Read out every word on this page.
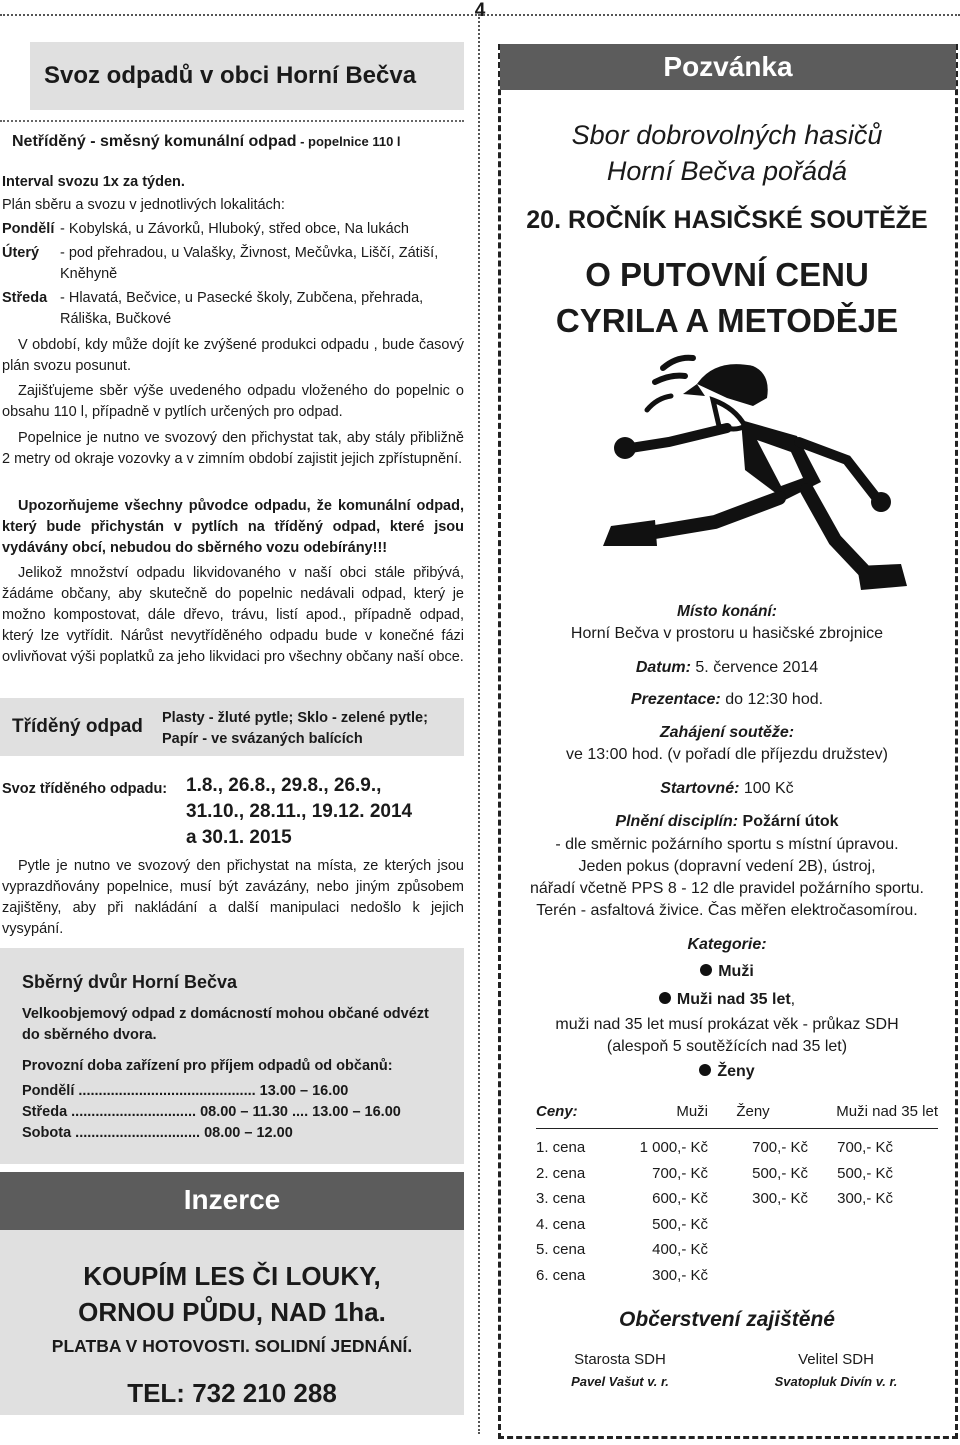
4
Svoz odpadů v obci Horní Bečva
Netříděný - směsný komunální odpad - popelnice 110 l
Interval svozu 1x za týden.
Plán sběru a svozu v jednotlivých lokalitách:
Pondělí - Kobylská, u Závorků, Hluboký, střed obce, Na lukách
Úterý	- pod přehradou, u Valašky, Živnost, Mečůvka, Liščí, Zátiší, Kněhyně
Středa - Hlavatá, Bečvice, u Pasecké školy, Zubčena, přehrada, Ráliška, Bučkové
V období, kdy může dojít ke zvýšené produkci odpadu , bude časový plán svozu posunut.
Zajišťujeme sběr výše uvedeného odpadu vloženého do popelnic o obsahu 110 l, případně v pytlích určených pro odpad.
Popelnice je nutno ve svozový den přichystat tak, aby stály přibližně 2 metry od okraje vozovky a v zimním období zajistit jejich zpřístupnění.
Upozorňujeme všechny původce odpadu, že komunální odpad, který bude přichystán v pytlích na tříděný odpad, které jsou vydávány obcí, nebudou do sběrného vozu odebírány!!!
Jelikož množství odpadu likvidovaného v naší obci stále přibývá, žádáme občany, aby skutečně do popelnic nedávali odpad, který je možno kompostovat, dále dřevo, trávu, listí apod., případně odpad, který lze vytřídit. Nárůst nevytříděného odpadu bude v konečné fázi ovlivňovat výši poplatků za jeho likvidaci pro všechny občany naší obce.
Tříděný odpad Plasty - žluté pytle; Sklo - zelené pytle;
Papír - ve svázaných balících
Svoz tříděného odpadu: 1.8., 26.8., 29.8., 26.9.,
31.10., 28.11., 19.12. 2014
a 30.1. 2015
Pytle je nutno ve svozový den přichystat na místa, ze kterých jsou vyprazdňovány popelnice, musí být zavázány, nebo jiným způsobem zajištěny, aby při nakládání a další manipulaci nedošlo k jejich vysypání.
Sběrný dvůr Horní Bečva
Velkoobjemový odpad z domácností mohou občané odvézt do sběrného dvora.
Provozní doba zařízení pro příjem odpadů od občanů:
Pondělí ............................................ 13.00 – 16.00
Středa ............................... 08.00 – 11.30 .... 13.00 – 16.00
Sobota ............................... 08.00 – 12.00
Inzerce
KOUPÍM LES ČI LOUKY,
ORNOU PŮDU, NAD 1ha.
PLATBA V HOTOVOSTI. SOLIDNÍ JEDNÁNÍ.
TEL: 732 210 288
Pozvánka
Sbor dobrovolných hasičů
Horní Bečva pořádá
20. ROČNÍK HASIČSKÉ SOUTĚŽE
O PUTOVNÍ CENU
CYRILA A METODĚJE
Místo konání:
Horní Bečva v prostoru u hasičské zbrojnice
Datum: 5. července 2014
Prezentace: do 12:30 hod.
Zahájení soutěže:
ve 13:00 hod. (v pořadí dle příjezdu družstev)
Startovné: 100 Kč
Plnění disciplín: Požární útok
- dle směrnic požárního sportu s místní úpravou.
Jeden pokus (dopravní vedení 2B), ústroj,
nářadí včetně PPS 8 - 12 dle pravidel požárního sportu.
Terén - asfaltová živice. Čas měřen elektročasomírou.
Kategorie:
Muži
Muži nad 35 let,
muži nad 35 let musí prokázat věk - průkaz SDH
(alespoň 5 soutěžících nad 35 let)
Ženy
Ceny:	Muži	Ženy	Muži nad 35 let
1. cena	1 000,- Kč	700,- Kč	700,- Kč
2. cena	700,- Kč	500,- Kč	500,- Kč
3. cena	600,- Kč	300,- Kč	300,- Kč
4. cena	500,- Kč
5. cena	400,- Kč
6. cena	300,- Kč
Občerstvení zajištěné
Starosta SDH
Pavel Vašut v. r.
Velitel SDH
Svatopluk Divín v. r.
